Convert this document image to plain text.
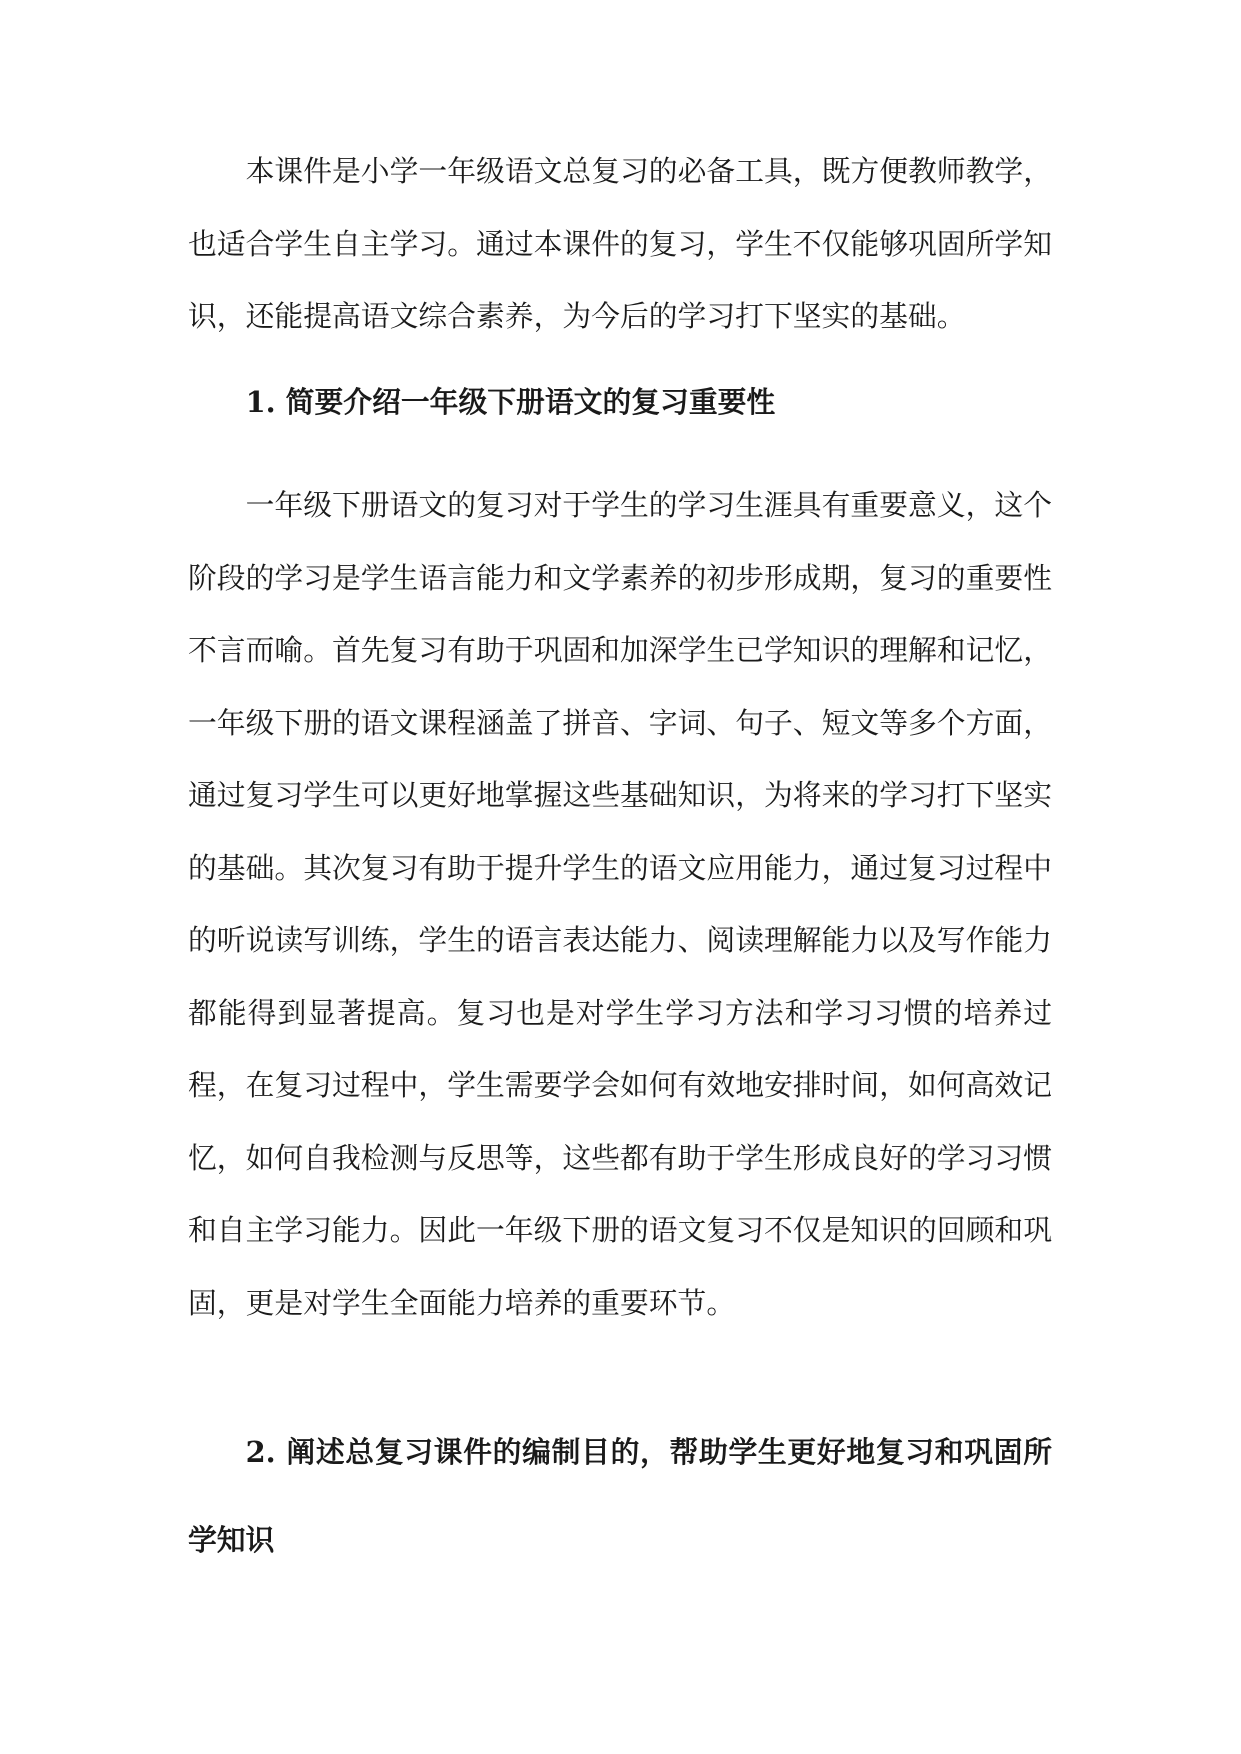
本课件是小学一年级语文总复习的必备工具，既方便教师教学，也适合学生自主学习。通过本课件的复习，学生不仅能够巩固所学知识，还能提高语文综合素养，为今后的学习打下坚实的基础。

1. 简要介绍一年级下册语文的复习重要性

一年级下册语文的复习对于学生的学习生涯具有重要意义，这个阶段的学习是学生语言能力和文学素养的初步形成期，复习的重要性不言而喻。首先复习有助于巩固和加深学生已学知识的理解和记忆，一年级下册的语文课程涵盖了拼音、字词、句子、短文等多个方面，通过复习学生可以更好地掌握这些基础知识，为将来的学习打下坚实的基础。其次复习有助于提升学生的语文应用能力，通过复习过程中的听说读写训练，学生的语言表达能力、阅读理解能力以及写作能力都能得到显著提高。复习也是对学生学习方法和学习习惯的培养过程，在复习过程中，学生需要学会如何有效地安排时间，如何高效记忆，如何自我检测与反思等，这些都有助于学生形成良好的学习习惯和自主学习能力。因此一年级下册的语文复习不仅是知识的回顾和巩固，更是对学生全面能力培养的重要环节。

2. 阐述总复习课件的编制目的，帮助学生更好地复习和巩固所学知识
